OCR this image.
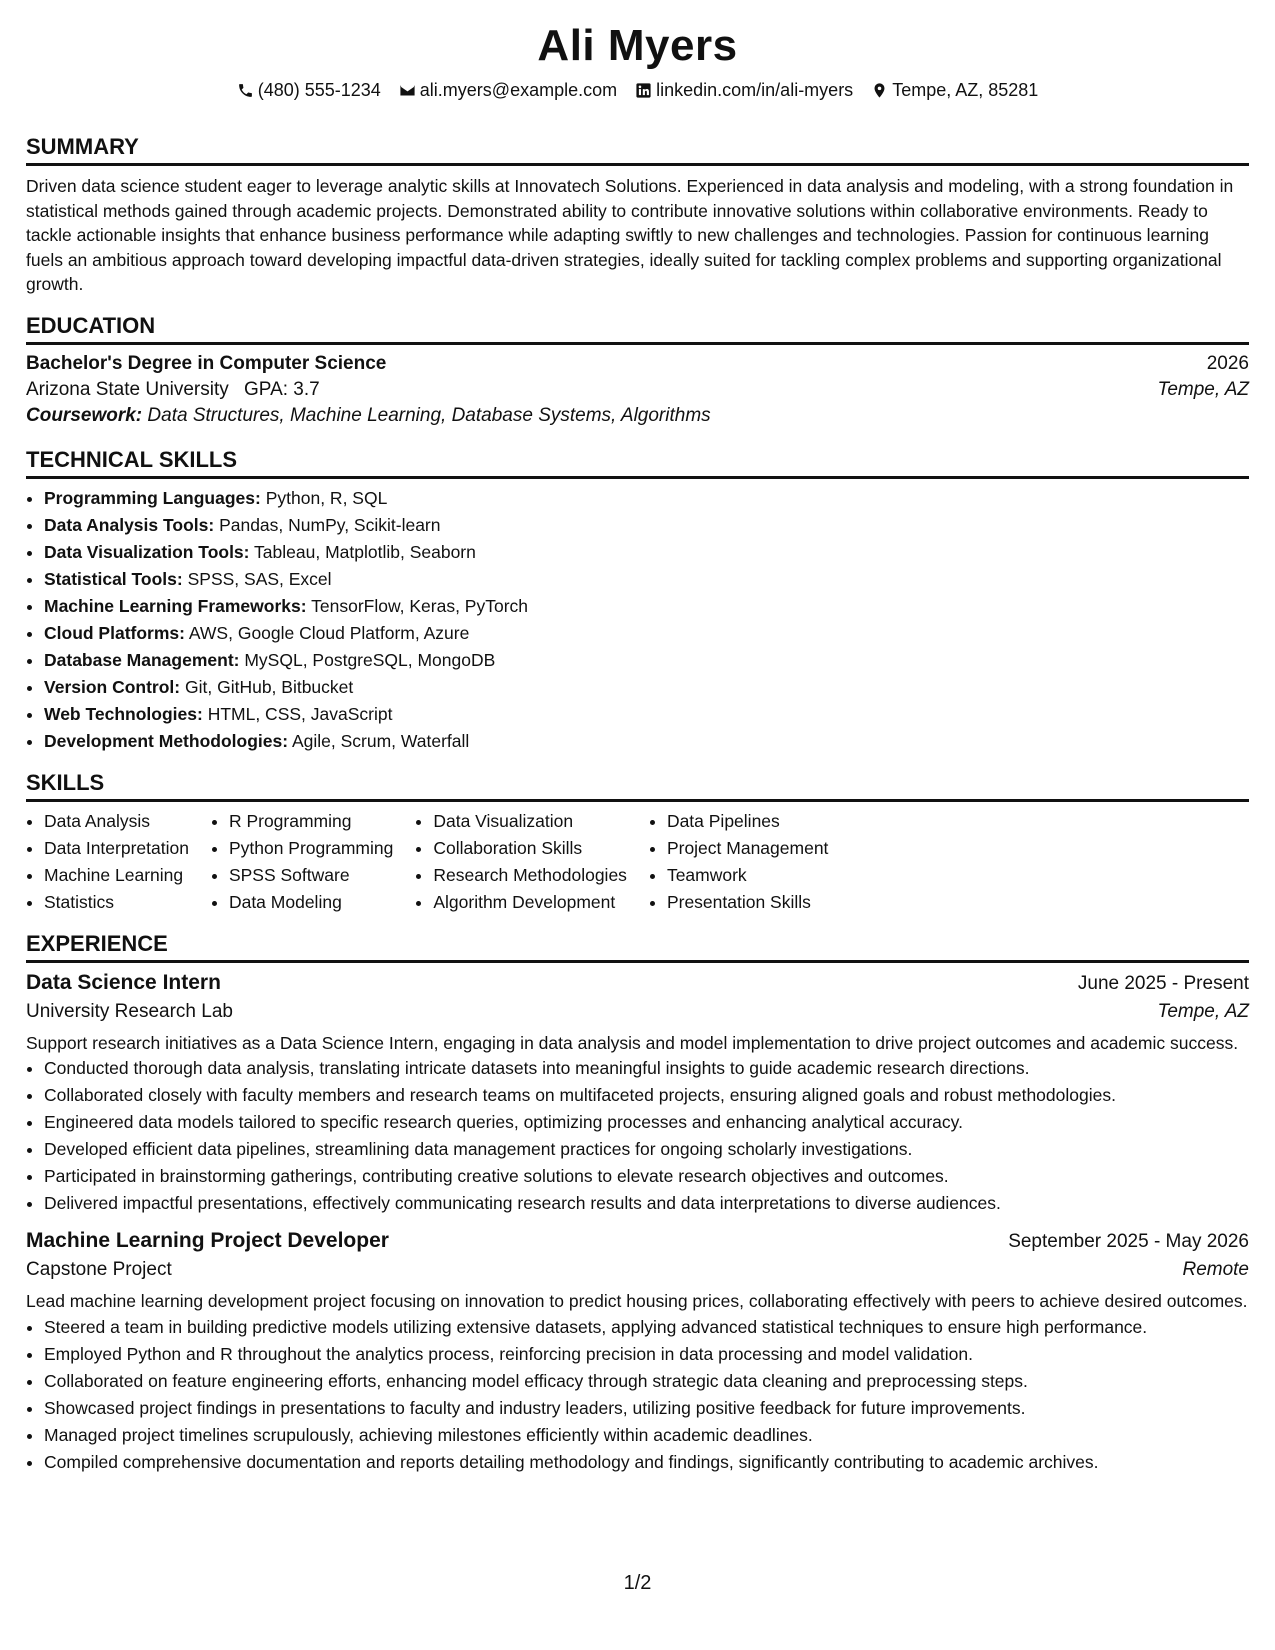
Ali Myers
(480) 555-1234 ali.myers@example.com linkedin.com/in/ali-myers Tempe, AZ, 85281
SUMMARY

Driven data science student eager to leverage analytic skills at Innovatech Solutions. Experienced in data analysis and modeling, with a strong foundation in statistical methods gained through academic projects. Demonstrated ability to contribute innovative solutions within collaborative environments. Ready to tackle actionable insights that enhance business performance while adapting swiftly to new challenges and technologies. Passion for continuous learning fuels an ambitious approach toward developing impactful data-driven strategies, ideally suited for tackling complex problems and supporting organizational growth.

EDUCATION
Bachelor's Degree in Computer Science	2026
Arizona State University GPA: 3.7	Tempe, AZ
Coursework: Data Structures, Machine Learning, Database Systems, Algorithms
TECHNICAL SKILLS
• Programming Languages: Python, R, SQL
• Data Analysis Tools: Pandas, NumPy, Scikit-learn
• Data Visualization Tools: Tableau, Matplotlib, Seaborn
• Statistical Tools: SPSS, SAS, Excel
• Machine Learning Frameworks: TensorFlow, Keras, PyTorch
• Cloud Platforms: AWS, Google Cloud Platform, Azure
• Database Management: MySQL, PostgreSQL, MongoDB
• Version Control: Git, GitHub, Bitbucket
• Web Technologies: HTML, CSS, JavaScript
• Development Methodologies: Agile, Scrum, Waterfall
SKILLS
• Data Analysis
• Data Interpretation
• Machine Learning
• Statistics
• R Programming
• Python Programming
• SPSS Software
• Data Modeling
• Data Visualization
• Collaboration Skills
• Research Methodologies
• Algorithm Development
• Data Pipelines
• Project Management
• Teamwork
• Presentation Skills
EXPERIENCE
Data Science Intern	June 2025 - Present
University Research Lab	Tempe, AZ

Support research initiatives as a Data Science Intern, engaging in data analysis and model implementation to drive project outcomes and academic success.

• Conducted thorough data analysis, translating intricate datasets into meaningful insights to guide academic research directions.
• Collaborated closely with faculty members and research teams on multifaceted projects, ensuring aligned goals and robust methodologies.
• Engineered data models tailored to specific research queries, optimizing processes and enhancing analytical accuracy.
• Developed efficient data pipelines, streamlining data management practices for ongoing scholarly investigations.
• Participated in brainstorming gatherings, contributing creative solutions to elevate research objectives and outcomes.
• Delivered impactful presentations, effectively communicating research results and data interpretations to diverse audiences.
Machine Learning Project Developer	September 2025 - May 2026
Capstone Project	Remote

Lead machine learning development project focusing on innovation to predict housing prices, collaborating effectively with peers to achieve desired outcomes.

• Steered a team in building predictive models utilizing extensive datasets, applying advanced statistical techniques to ensure high performance.
• Employed Python and R throughout the analytics process, reinforcing precision in data processing and model validation.
• Collaborated on feature engineering efforts, enhancing model efficacy through strategic data cleaning and preprocessing steps.
• Showcased project findings in presentations to faculty and industry leaders, utilizing positive feedback for future improvements.
• Managed project timelines scrupulously, achieving milestones efficiently within academic deadlines.
• Compiled comprehensive documentation and reports detailing methodology and findings, significantly contributing to academic archives.
1/2
